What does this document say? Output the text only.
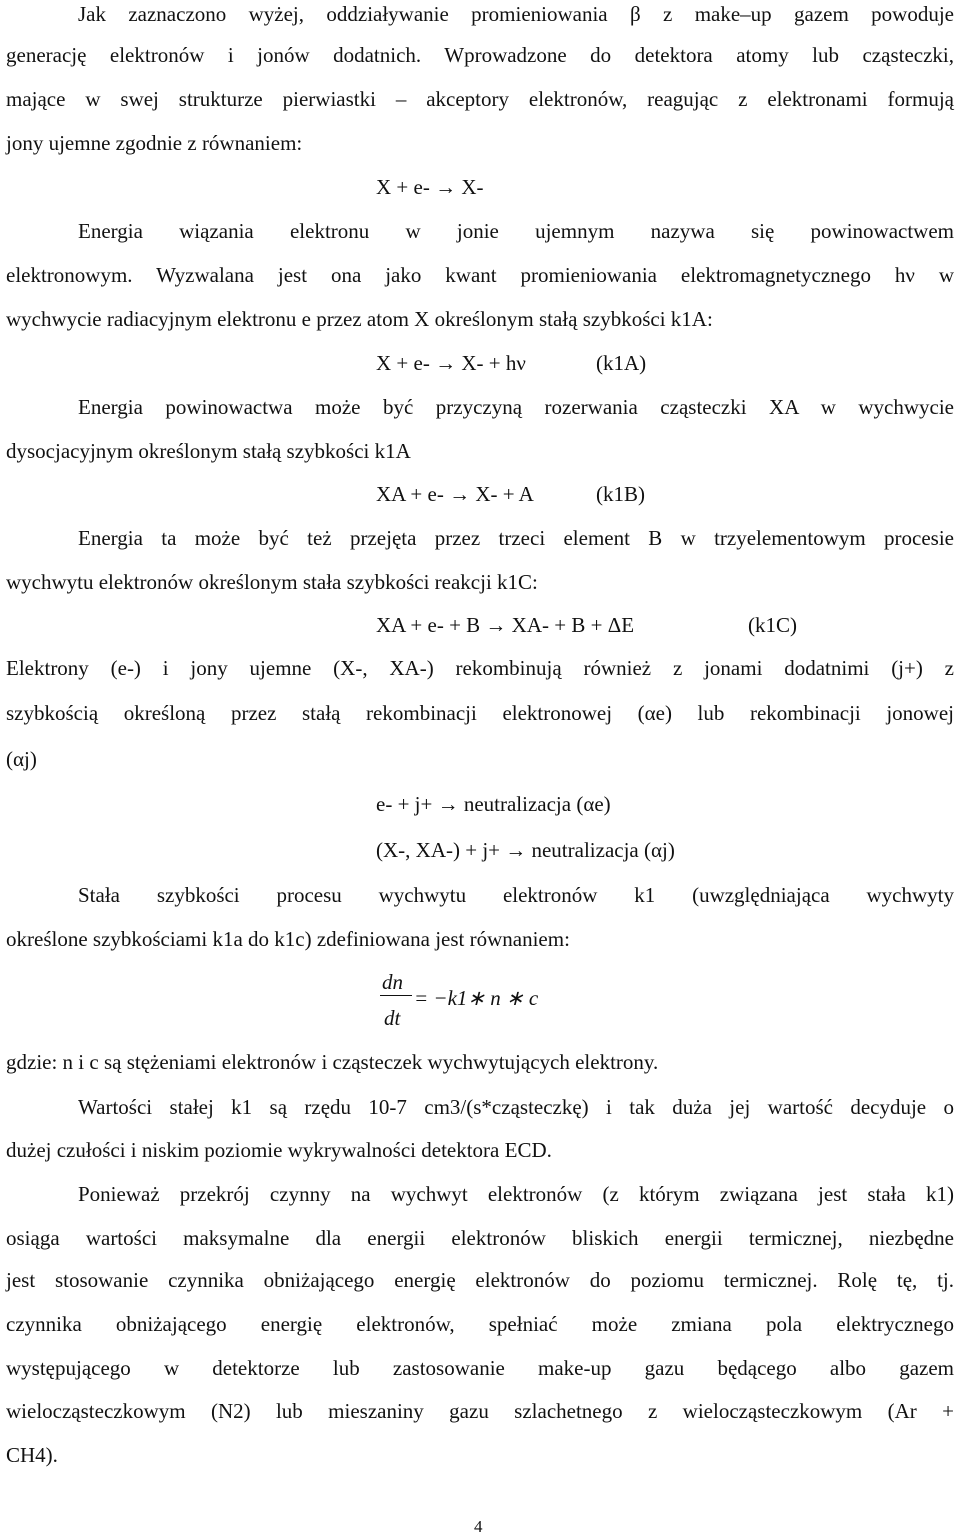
Jak zaznaczono wyżej, oddziaływanie promieniowania β z make–up gazem powoduje
generację elektronów i jonów dodatnich. Wprowadzone do detektora atomy lub cząsteczki,
mające w swej strukturze pierwiastki – akceptory elektronów, reagując z elektronami formują
jony ujemne zgodnie z równaniem:
X + e- → X-
Energia wiązania elektronu w jonie ujemnym nazywa się powinowactwem
elektronowym. Wyzwalana jest ona jako kwant promieniowania elektromagnetycznego hν w
wychwycie radiacyjnym elektronu e przez atom X określonym stałą szybkości k1A:
X + e- → X- + hν	(k1A)
Energia powinowactwa może być przyczyną rozerwania cząsteczki XA w wychwycie
dysocjacyjnym określonym stałą szybkości k1A
XA + e- → X- + A	(k1B)
Energia ta może być też przejęta przez trzeci element B w trzyelementowym procesie
wychwytu elektronów określonym stała szybkości reakcji k1C:
XA + e- + B → XA- + B + ΔE	(k1C)
Elektrony (e-) i jony ujemne (X-, XA-) rekombinują również z jonami dodatnimi (j+) z
szybkością określoną przez stałą rekombinacji elektronowej (αe) lub rekombinacji jonowej
(αj)
e- + j+ → neutralizacja (αe)
(X-, XA-) + j+ → neutralizacja (αj)
Stała szybkości procesu wychwytu elektronów k1 (uwzględniająca wychwyty
określone szybkościami k1a do k1c) zdefiniowana jest równaniem:
dn
dt
= −k1∗ n ∗ c
gdzie: n i c są stężeniami elektronów i cząsteczek wychwytujących elektrony.
Wartości stałej k1 są rzędu 10-7 cm3/(s*cząsteczkę) i tak duża jej wartość decyduje o
dużej czułości i niskim poziomie wykrywalności detektora ECD.
Ponieważ przekrój czynny na wychwyt elektronów (z którym związana jest stała k1)
osiąga wartości maksymalne dla energii elektronów bliskich energii termicznej, niezbędne
jest stosowanie czynnika obniżającego energię elektronów do poziomu termicznej. Rolę tę, tj.
czynnika obniżającego energię elektronów, spełniać może zmiana pola elektrycznego
występującego w detektorze lub zastosowanie make-up gazu będącego albo gazem
wielocząsteczkowym (N2) lub mieszaniny gazu szlachetnego z wielocząsteczkowym (Ar +
CH4).
4
